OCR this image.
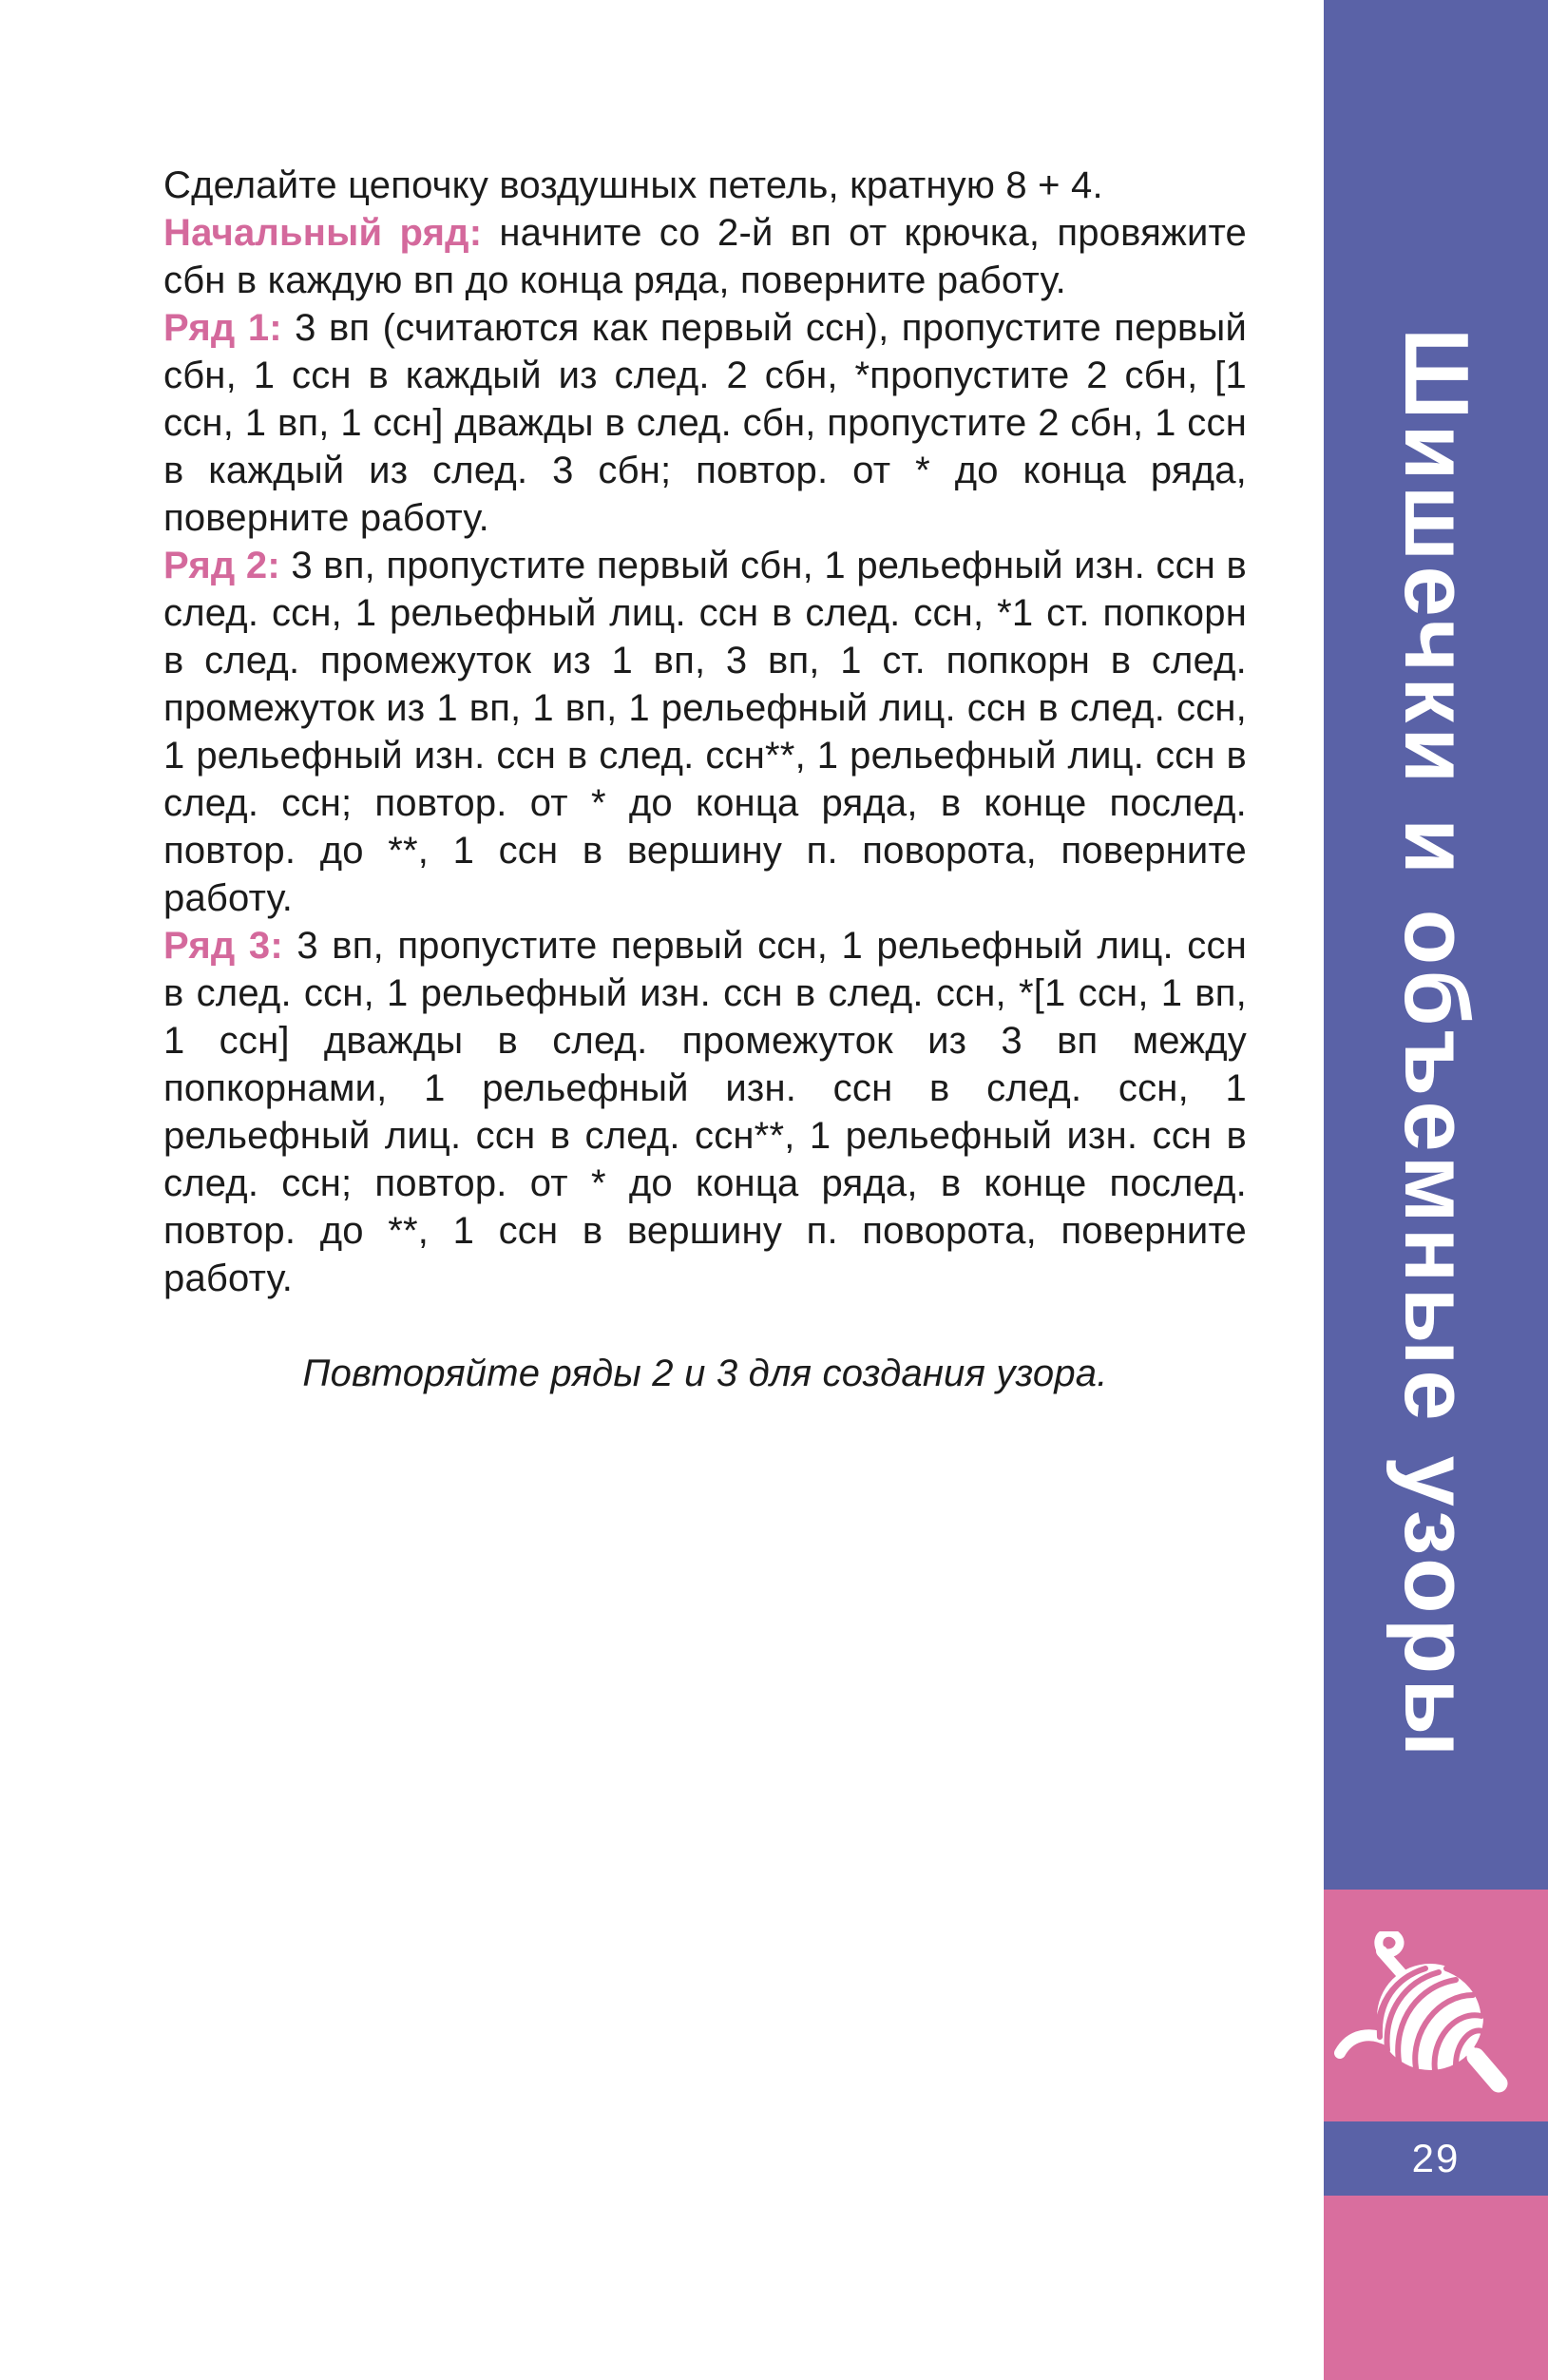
Сделайте цепочку воздушных петель, кратную 8 + 4.

Начальный ряд: начните со 2-й вп от крючка, провяжите сбн в каждую вп до конца ряда, поверните работу.

Ряд 1: 3 вп (считаются как первый ссн), пропустите первый сбн, 1 ссн в каждый из след. 2 сбн, *пропустите 2 сбн, [1 ссн, 1 вп, 1 ссн] дважды в след. сбн, пропустите 2 сбн, 1 ссн в каждый из след. 3 сбн; повтор. от * до конца ряда, поверните работу.

Ряд 2: 3 вп, пропустите первый сбн, 1 рельефный изн. ссн в след. ссн, 1 рельефный лиц. ссн в след. ссн, *1 ст. попкорн в след. промежуток из 1 вп, 3 вп, 1 ст. попкорн в след. промежуток из 1 вп, 1 вп, 1 рельефный лиц. ссн в след. ссн, 1 рельефный изн. ссн в след. ссн**, 1 рельефный лиц. ссн в след. ссн; повтор. от * до конца ряда, в конце послед. повтор. до **, 1 ссн в вершину п. поворота, поверните работу.

Ряд 3: 3 вп, пропустите первый ссн, 1 рельефный лиц. ссн в след. ссн, 1 рельефный изн. ссн в след. ссн, *[1 ссн, 1 вп, 1 ссн] дважды в след. промежуток из 3 вп между попкорнами, 1 рельефный изн. ссн в след. ссн, 1 рельефный лиц. ссн в след. ссн**, 1 рельефный изн. ссн в след. ссн; повтор. от * до конца ряда, в конце послед. повтор. до **, 1 ссн в вершину п. поворота, поверните работу.

Повторяйте ряды 2 и 3 для создания узора.	Шишечки и объемные узоры
29
